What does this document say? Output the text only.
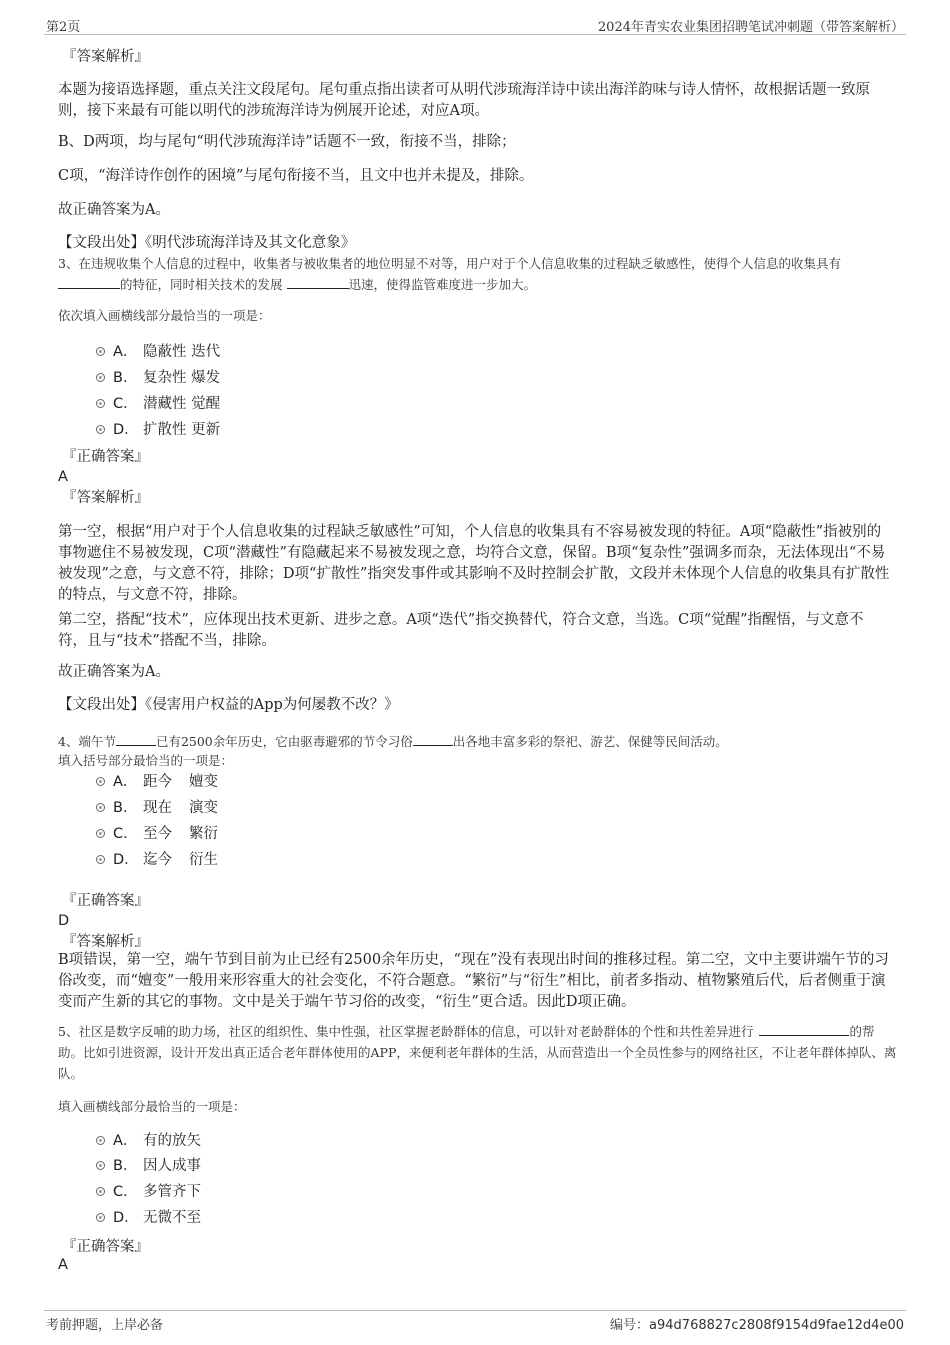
第2页	2024年青实农业集团招聘笔试冲刺题（带答案解析）
『答案解析』
本题为接语选择题，重点关注文段尾句。尾句重点指出读者可从明代涉琉海洋诗中读出海洋韵味与诗人情怀，故根据话题一致原则，接下来最有可能以明代的涉琉海洋诗为例展开论述，对应A项。
B、D两项，均与尾句“明代涉琉海洋诗”话题不一致，衔接不当，排除；
C项，“海洋诗作创作的困境”与尾句衔接不当，且文中也并未提及，排除。
故正确答案为A。
【文段出处】《明代涉琉海洋诗及其文化意象》
3、在违规收集个人信息的过程中，收集者与被收集者的地位明显不对等，用户对于个人信息收集的过程缺乏敏感性，使得个人信息的收集具有
的特征，同时相关技术的发展	迅速，使得监管难度进一步加大。
依次填入画横线部分最恰当的一项是：
A． 隐蔽性 迭代
B． 复杂性 爆发
C． 潜藏性 觉醒
D． 扩散性 更新
『正确答案』
A
『答案解析』
第一空，根据“用户对于个人信息收集的过程缺乏敏感性”可知，个人信息的收集具有不容易被发现的特征。A项“隐蔽性”指被别的事物遮住不易被发现，C项“潜藏性”有隐藏起来不易被发现之意，均符合文意，保留。B项“复杂性”强调多而杂，无法体现出“不易被发现”之意，与文意不符，排除；D项“扩散性”指突发事件或其影响不及时控制会扩散，文段并未体现个人信息的收集具有扩散性的特点，与文意不符，排除。
第二空，搭配“技术”，应体现出技术更新、进步之意。A项“迭代”指交换替代，符合文意，当选。C项“觉醒”指醒悟，与文意不符，且与“技术”搭配不当，排除。
故正确答案为A。
【文段出处】《侵害用户权益的App为何屡教不改？》
4、端午节	已有2500余年历史，它由驱毒避邪的节令习俗	出各地丰富多彩的祭祀、游艺、保健等民间活动。
填入括号部分最恰当的一项是：
A． 距今 嬗变
B． 现在 演变
C． 至今 繁衍
D． 迄今 衍生
『正确答案』
D
『答案解析』
B项错误，第一空，端午节到目前为止已经有2500余年历史，“现在”没有表现出时间的推移过程。第二空，文中主要讲端午节的习俗改变，而“嬗变”一般用来形容重大的社会变化，不符合题意。“繁衍”与“衍生”相比，前者多指动、植物繁殖后代，后者侧重于演变而产生新的其它的事物。文中是关于端午节习俗的改变，“衍生”更合适。因此D项正确。
5、社区是数字反哺的助力场，社区的组织性、集中性强，社区掌握老龄群体的信息，可以针对老龄群体的个性和共性差异进行	的帮助。比如引进资源，设计开发出真正适合老年群体使用的APP，来便利老年群体的生活，从而营造出一个全员性参与的网络社区，不让老年群体掉队、离队。
填入画横线部分最恰当的一项是：
A． 有的放矢
B． 因人成事
C． 多管齐下
D． 无微不至
『正确答案』
A
考前押题，上岸必备	编号：a94d768827c2808f9154d9fae12d4e00
